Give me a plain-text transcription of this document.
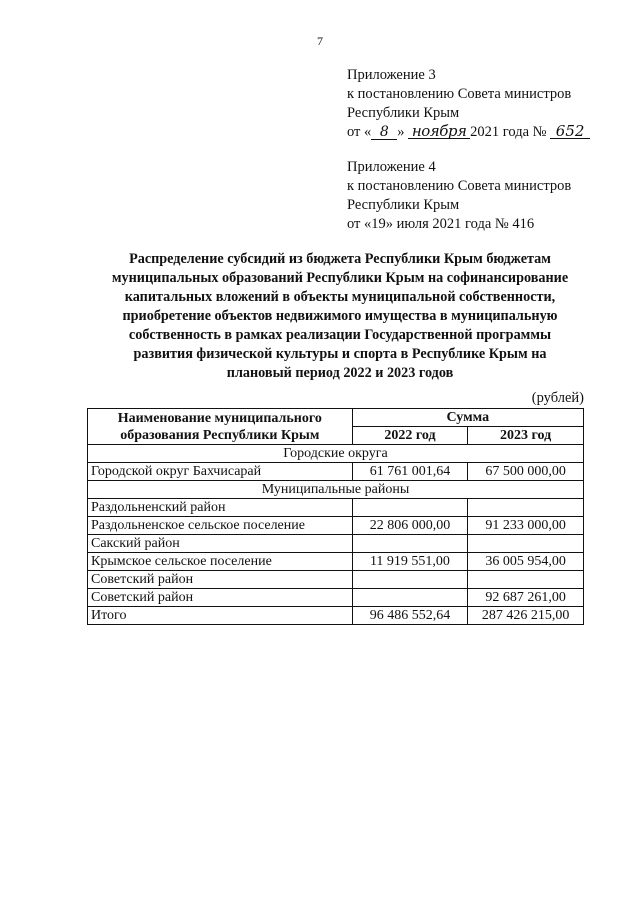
7
Приложение 3
к постановлению Совета министров
Республики Крым
от « 8 » ноября 2021 года № 652
Приложение 4
к постановлению Совета министров
Республики Крым
от «19» июля 2021 года № 416
Распределение субсидий из бюджета Республики Крым бюджетам
муниципальных образований Республики Крым на софинансирование
капитальных вложений в объекты муниципальной собственности,
приобретение объектов недвижимого имущества в муниципальную
собственность в рамках реализации Государственной программы
развития физической культуры и спорта в Республике Крым на
плановый период 2022 и 2023 годов
(рублей)
Наименование муниципального
образования Республики Крым	Сумма	
	2022 год	2023 год
Городские округа		
Городской округ Бахчисарай	61 761 001,64	67 500 000,00
Муниципальные районы		
Раздольненский район		
Раздольненское сельское поселение	22 806 000,00	91 233 000,00
Сакский район		
Крымское сельское поселение	11 919 551,00	36 005 954,00
Советский район		
Советский район		92 687 261,00
Итого	96 486 552,64	287 426 215,00
